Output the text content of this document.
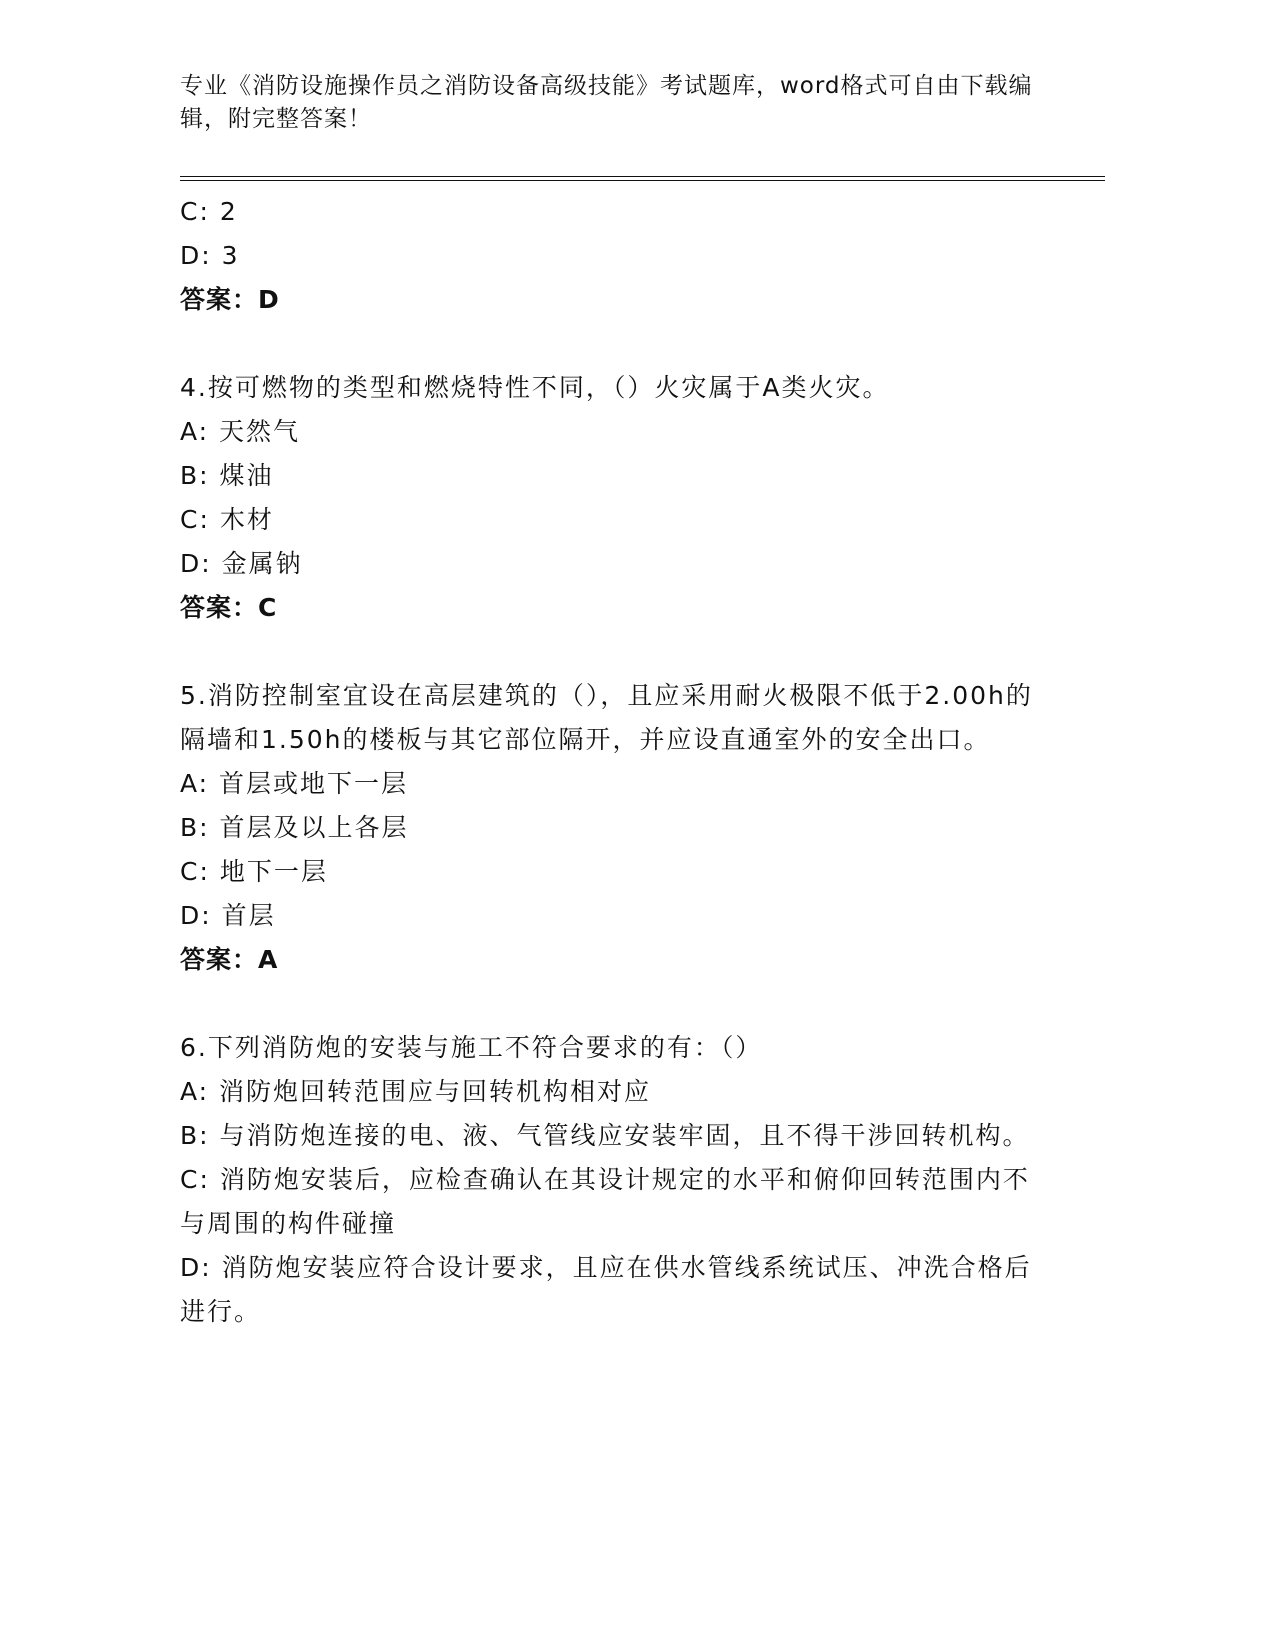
专业《消防设施操作员之消防设备高级技能》考试题库，word格式可自由下载编辑，附完整答案！
C: 2
D: 3
答案：D
4.按可燃物的类型和燃烧特性不同，（）火灾属于A类火灾。
A: 天然气
B: 煤油
C: 木材
D: 金属钠
答案：C
5.消防控制室宜设在高层建筑的（），且应采用耐火极限不低于2.00h的隔墙和1.50h的楼板与其它部位隔开，并应设直通室外的安全出口。
A: 首层或地下一层
B: 首层及以上各层
C: 地下一层
D: 首层
答案：A
6.下列消防炮的安装与施工不符合要求的有：（）
A: 消防炮回转范围应与回转机构相对应
B: 与消防炮连接的电、液、气管线应安装牢固，且不得干涉回转机构。
C: 消防炮安装后，应检查确认在其设计规定的水平和俯仰回转范围内不与周围的构件碰撞
D: 消防炮安装应符合设计要求，且应在供水管线系统试压、冲洗合格后进行。
